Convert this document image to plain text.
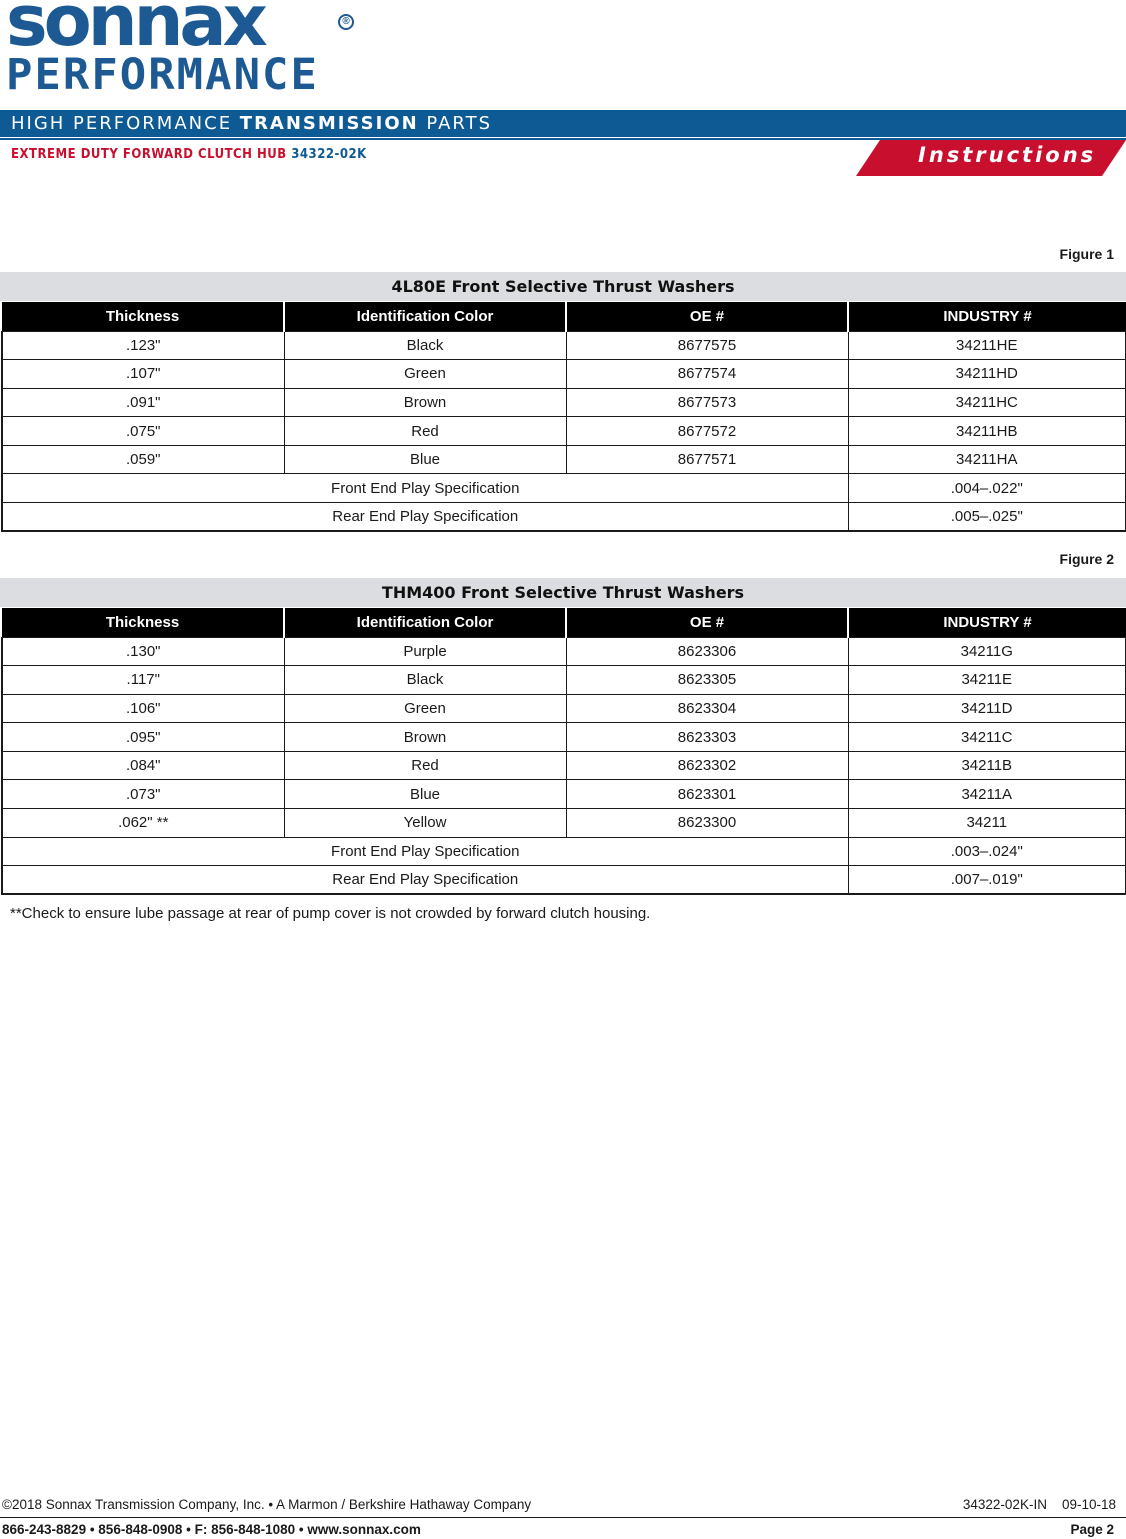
sonnax	®
PERFORMANCE
HIGH PERFORMANCE TRANSMISSION PARTS
EXTREME DUTY FORWARD CLUTCH HUB 34322-02K	Instructions
Figure 1
4L80E Front Selective Thrust Washers
Thickness	Identification Color	OE #	INDUSTRY #
.123"	Black	8677575	34211HE
.107"	Green	8677574	34211HD
.091"	Brown	8677573	34211HC
.075"	Red	8677572	34211HB
.059"	Blue	8677571	34211HA
Front End Play Specification			.004–.022"
Rear End Play Specification			.005–.025"
Figure 2
THM400 Front Selective Thrust Washers
Thickness	Identification Color	OE #	INDUSTRY #
.130"	Purple	8623306	34211G
.117"	Black	8623305	34211E
.106"	Green	8623304	34211D
.095"	Brown	8623303	34211C
.084"	Red	8623302	34211B
.073"	Blue	8623301	34211A
.062" **	Yellow	8623300	34211
Front End Play Specification			.003–.024"
Rear End Play Specification			.007–.019"
**Check to ensure lube passage at rear of pump cover is not crowded by forward clutch housing.
©2018 Sonnax Transmission Company, Inc. • A Marmon / Berkshire Hathaway Company	34322-02K-IN    09-10-18
866-243-8829 • 856-848-0908 • F: 856-848-1080 • www.sonnax.com	Page 2
